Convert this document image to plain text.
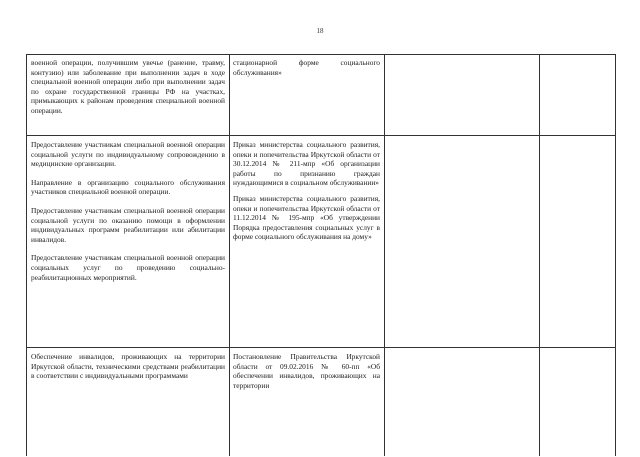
18

военной операции, получившим увечье (ранение, травму, контузию) или заболевание при выполнении задач в ходе специальной военной операции либо при выполнении задач по охране государственной границы РФ на участках, примыкающих к районам проведения специальной военной операции.

стационарной форме социального обслуживания»

Предоставление участникам специальной военной операции социальной услуги по индивидуальному сопровождению в медицинские организации.

Направление в организацию социального обслуживания участников специальной военной операции.

Предоставление участникам специальной военной операции социальной услуги по оказанию помощи в оформлении индивидуальных программ реабилитации или абилитации инвалидов.

Предоставление участникам специальной военной операции социальных услуг по проведению социально-реабилитационных мероприятий.

Приказ министерства социального развития, опеки и попечительства Иркутской области от 30.12.2014 № 211-мпр «Об организации работы по признанию граждан нуждающимися в социальном обслуживании»

Приказ министерства социального развития, опеки и попечительства Иркутской области от 11.12.2014 № 195-мпр «Об утверждении Порядка предоставления социальных услуг в форме социального обслуживания на дому»

Обеспечение инвалидов, проживающих на территории Иркутской области, техническими средствами реабилитации в соответствии с индивидуальными программами

Постановление Правительства Иркутской области от 09.02.2016 № 60-пп «Об обеспечении инвалидов, проживающих на территории
